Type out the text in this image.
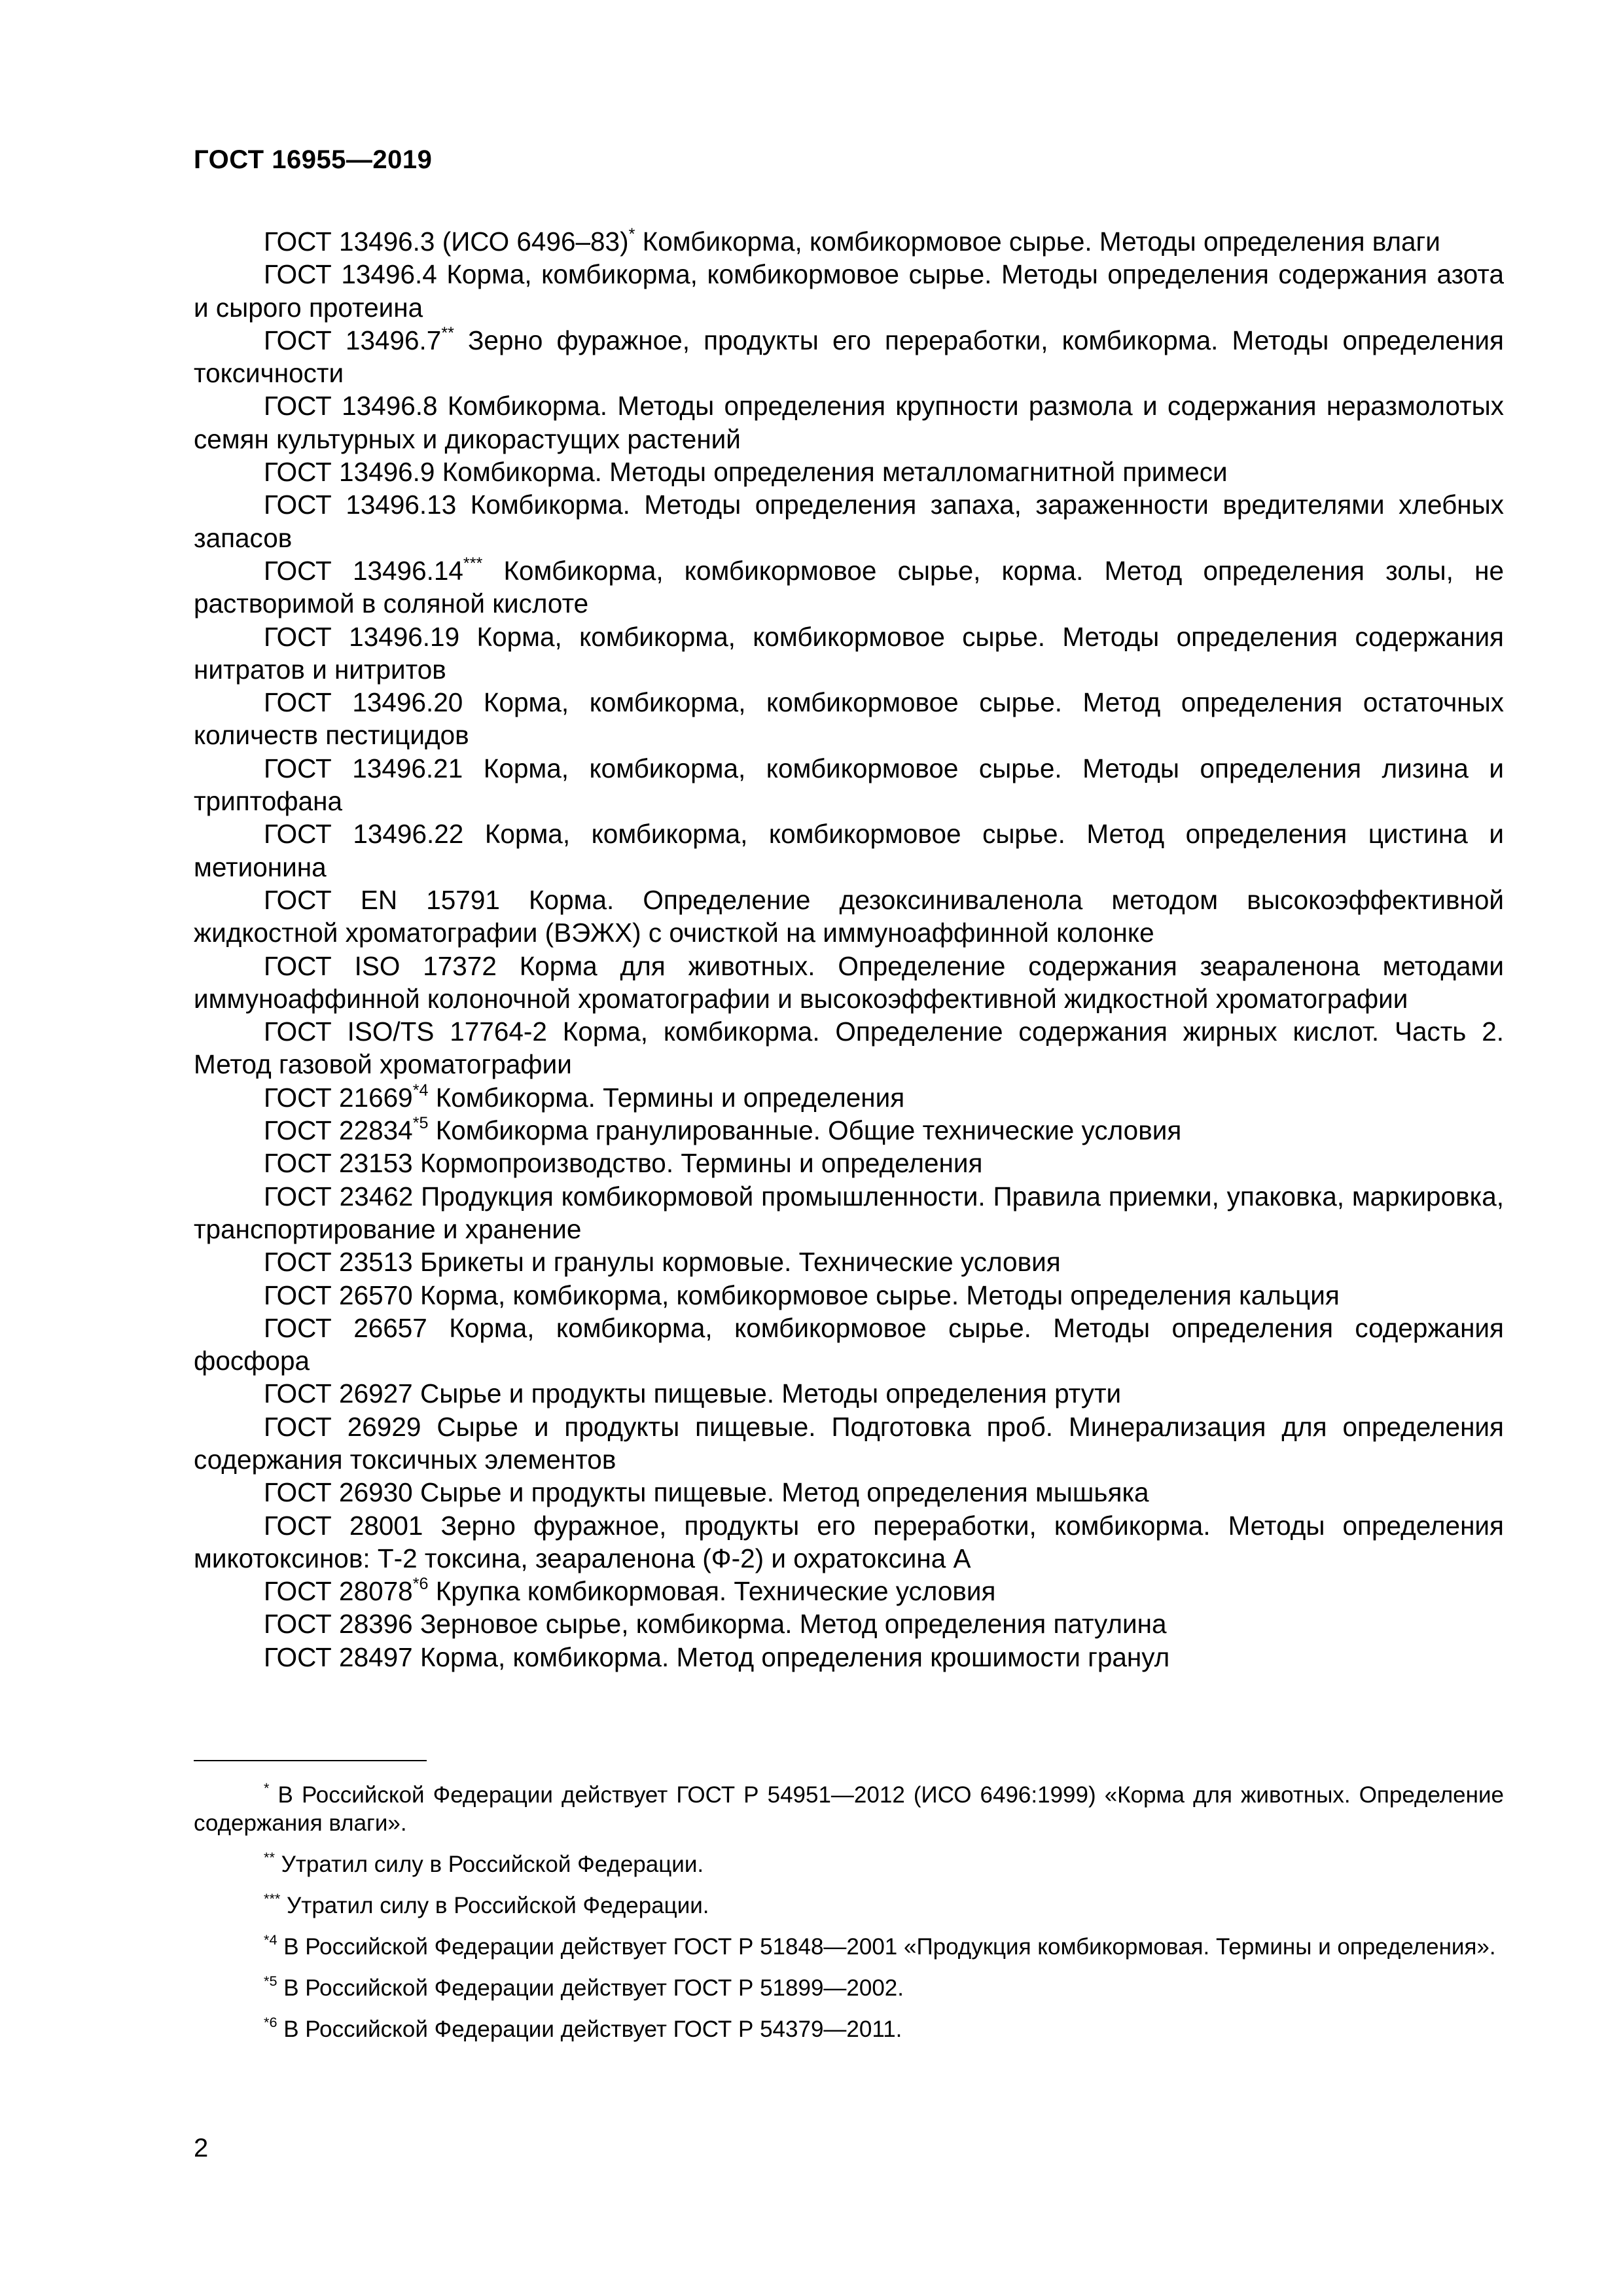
ГОСТ 16955—2019

ГОСТ 13496.3 (ИСО 6496–83)* Комбикорма, комбикормовое сырье. Методы определения влаги

ГОСТ 13496.4 Корма, комбикорма, комбикормовое сырье. Методы определения содержания азота и сырого протеина

ГОСТ 13496.7** Зерно фуражное, продукты его переработки, комбикорма. Методы определения токсичности

ГОСТ 13496.8 Комбикорма. Методы определения крупности размола и содержания неразмолотых семян культурных и дикорастущих растений

ГОСТ 13496.9 Комбикорма. Методы определения металломагнитной примеси

ГОСТ 13496.13 Комбикорма. Методы определения запаха, зараженности вредителями хлебных запасов

ГОСТ 13496.14*** Комбикорма, комбикормовое сырье, корма. Метод определения золы, не растворимой в соляной кислоте

ГОСТ 13496.19 Корма, комбикорма, комбикормовое сырье. Методы определения содержания нитратов и нитритов

ГОСТ 13496.20 Корма, комбикорма, комбикормовое сырье. Метод определения остаточных количеств пестицидов

ГОСТ 13496.21 Корма, комбикорма, комбикормовое сырье. Методы определения лизина и триптофана

ГОСТ 13496.22 Корма, комбикорма, комбикормовое сырье. Метод определения цистина и метионина

ГОСТ EN 15791 Корма. Определение дезоксиниваленола методом высокоэффективной жидкостной хроматографии (ВЭЖХ) с очисткой на иммуноаффинной колонке

ГОСТ ISO 17372 Корма для животных. Определение содержания зеараленона методами иммуноаффинной колоночной хроматографии и высокоэффективной жидкостной хроматографии

ГОСТ ISO/TS 17764-2 Корма, комбикорма. Определение содержания жирных кислот. Часть 2. Метод газовой хроматографии

ГОСТ 21669$^{*4}$ Комбикорма. Термины и определения

ГОСТ 22834$^{*5}$ Комбикорма гранулированные. Общие технические условия

ГОСТ 23153 Кормопроизводство. Термины и определения

ГОСТ 23462 Продукция комбикормовой промышленности. Правила приемки, упаковка, маркировка, транспортирование и хранение

ГОСТ 23513 Брикеты и гранулы кормовые. Технические условия

ГОСТ 26570 Корма, комбикорма, комбикормовое сырье. Методы определения кальция

ГОСТ 26657 Корма, комбикорма, комбикормовое сырье. Методы определения содержания фосфора

ГОСТ 26927 Сырье и продукты пищевые. Методы определения ртути

ГОСТ 26929 Сырье и продукты пищевые. Подготовка проб. Минерализация для определения содержания токсичных элементов

ГОСТ 26930 Сырье и продукты пищевые. Метод определения мышьяка

ГОСТ 28001 Зерно фуражное, продукты его переработки, комбикорма. Методы определения микотоксинов: Т-2 токсина, зеараленона (Ф-2) и охратоксина А

ГОСТ 28078$^{*6}$ Крупка комбикормовая. Технические условия

ГОСТ 28396 Зерновое сырье, комбикорма. Метод определения патулина

ГОСТ 28497 Корма, комбикорма. Метод определения крошимости гранул

* В Российской Федерации действует ГОСТ Р 54951—2012 (ИСО 6496:1999) «Корма для животных. Определение содержания влаги».

** Утратил силу в Российской Федерации.

*** Утратил силу в Российской Федерации.

$^{*4}$ В Российской Федерации действует ГОСТ Р 51848—2001 «Продукция комбикормовая. Термины и определения».

$^{*5}$ В Российской Федерации действует ГОСТ Р 51899—2002.

$^{*6}$ В Российской Федерации действует ГОСТ Р 54379—2011.

2
